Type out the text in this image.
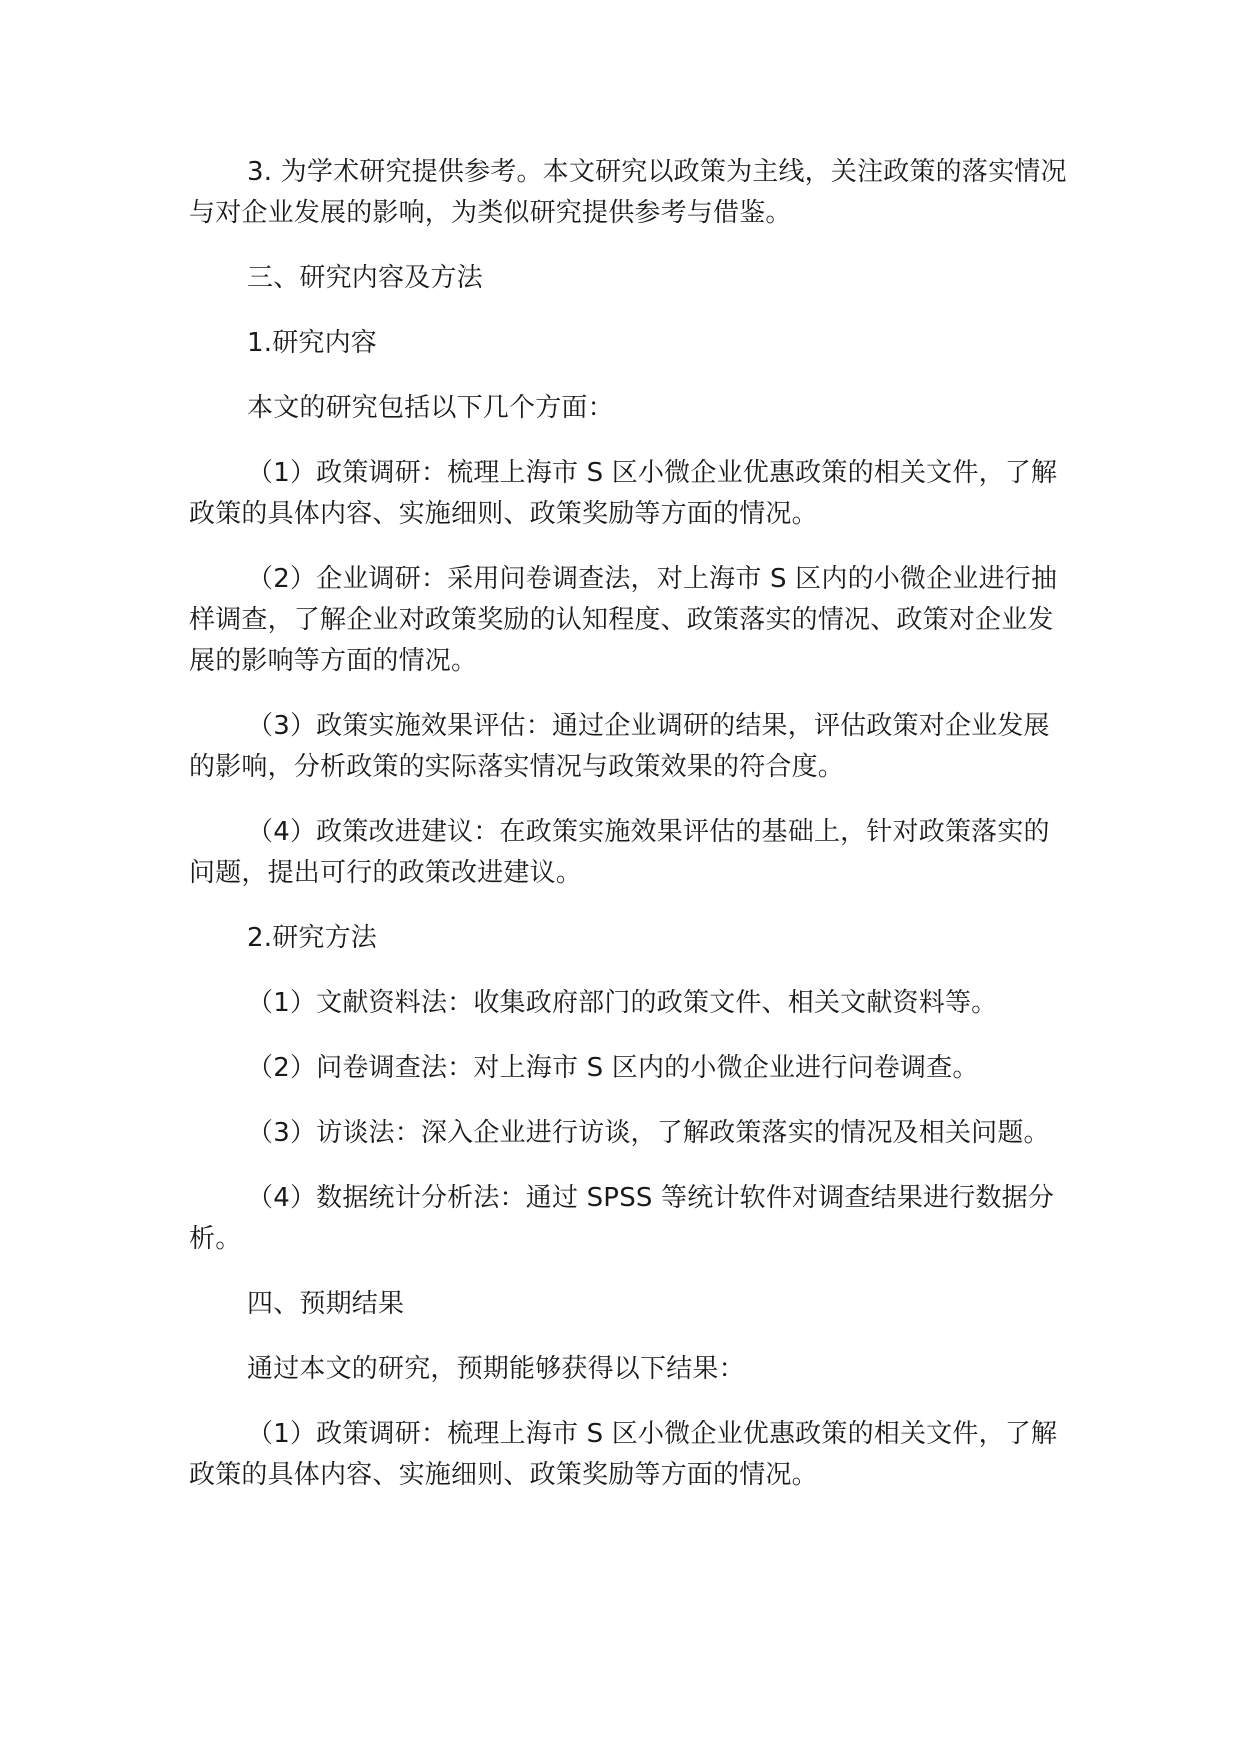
3. 为学术研究提供参考。本文研究以政策为主线，关注政策的落实情况与对企业发展的影响，为类似研究提供参考与借鉴。

三、研究内容及方法

1.研究内容

本文的研究包括以下几个方面：

（1）政策调研：梳理上海市 S 区小微企业优惠政策的相关文件，了解政策的具体内容、实施细则、政策奖励等方面的情况。

（2）企业调研：采用问卷调查法，对上海市 S 区内的小微企业进行抽样调查，了解企业对政策奖励的认知程度、政策落实的情况、政策对企业发展的影响等方面的情况。

（3）政策实施效果评估：通过企业调研的结果，评估政策对企业发展的影响，分析政策的实际落实情况与政策效果的符合度。

（4）政策改进建议：在政策实施效果评估的基础上，针对政策落实的问题，提出可行的政策改进建议。

2.研究方法

（1）文献资料法：收集政府部门的政策文件、相关文献资料等。

（2）问卷调查法：对上海市 S 区内的小微企业进行问卷调查。

（3）访谈法：深入企业进行访谈，了解政策落实的情况及相关问题。

（4）数据统计分析法：通过 SPSS 等统计软件对调查结果进行数据分析。

四、预期结果

通过本文的研究，预期能够获得以下结果：

（1）政策调研：梳理上海市 S 区小微企业优惠政策的相关文件，了解政策的具体内容、实施细则、政策奖励等方面的情况。
